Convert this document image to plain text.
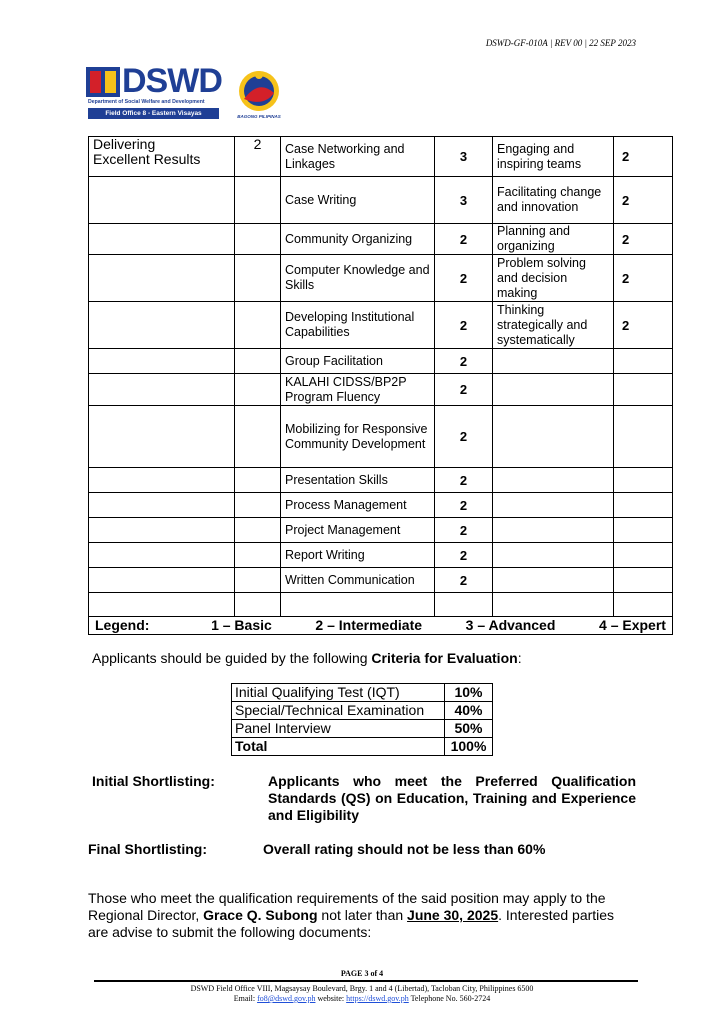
DSWD-GF-010A | REV 00 | 22 SEP 2023
DSWD
Department of Social Welfare and Development
Field Office 8 - Eastern Visayas	BAGONG PILIPINAS
Delivering
Excellent Results	2	Case Networking and Linkages	3	Engaging and inspiring teams	2
		Case Writing	3	Facilitating change and innovation	2
		Community Organizing	2	Planning and organizing	2
		Computer Knowledge and Skills	2	Problem solving and decision making	2
		Developing Institutional Capabilities	2	Thinking strategically and systematically	2
		Group Facilitation	2		
		KALAHI CIDSS/BP2P Program Fluency	2		
		Mobilizing for Responsive Community Development	2		
		Presentation Skills	2		
		Process Management	2		
		Project Management	2		
		Report Writing	2		
		Written Communication	2		

Legend: 1 – Basic 2 – Intermediate 3 – Advanced 4 – Expert					
Applicants should be guided by the following Criteria for Evaluation:
Initial Qualifying Test (IQT)	10%
Special/Technical Examination	40%
Panel Interview	50%
Total	100%
Initial Shortlisting:	Applicants who meet the Preferred Qualification Standards (QS) on Education, Training and Experience and Eligibility
Final Shortlisting:	Overall rating should not be less than 60%
Those who meet the qualification requirements of the said position may apply to the Regional Director, Grace Q. Subong not later than June 30, 2025. Interested parties are advise to submit the following documents:
PAGE 3 of 4
DSWD Field Office VIII, Magsaysay Boulevard, Brgy. 1 and 4 (Libertad), Tacloban City, Philippines 6500
Email: fo8@dswd.gov.ph website: https://dswd.gov.ph Telephone No. 560-2724
